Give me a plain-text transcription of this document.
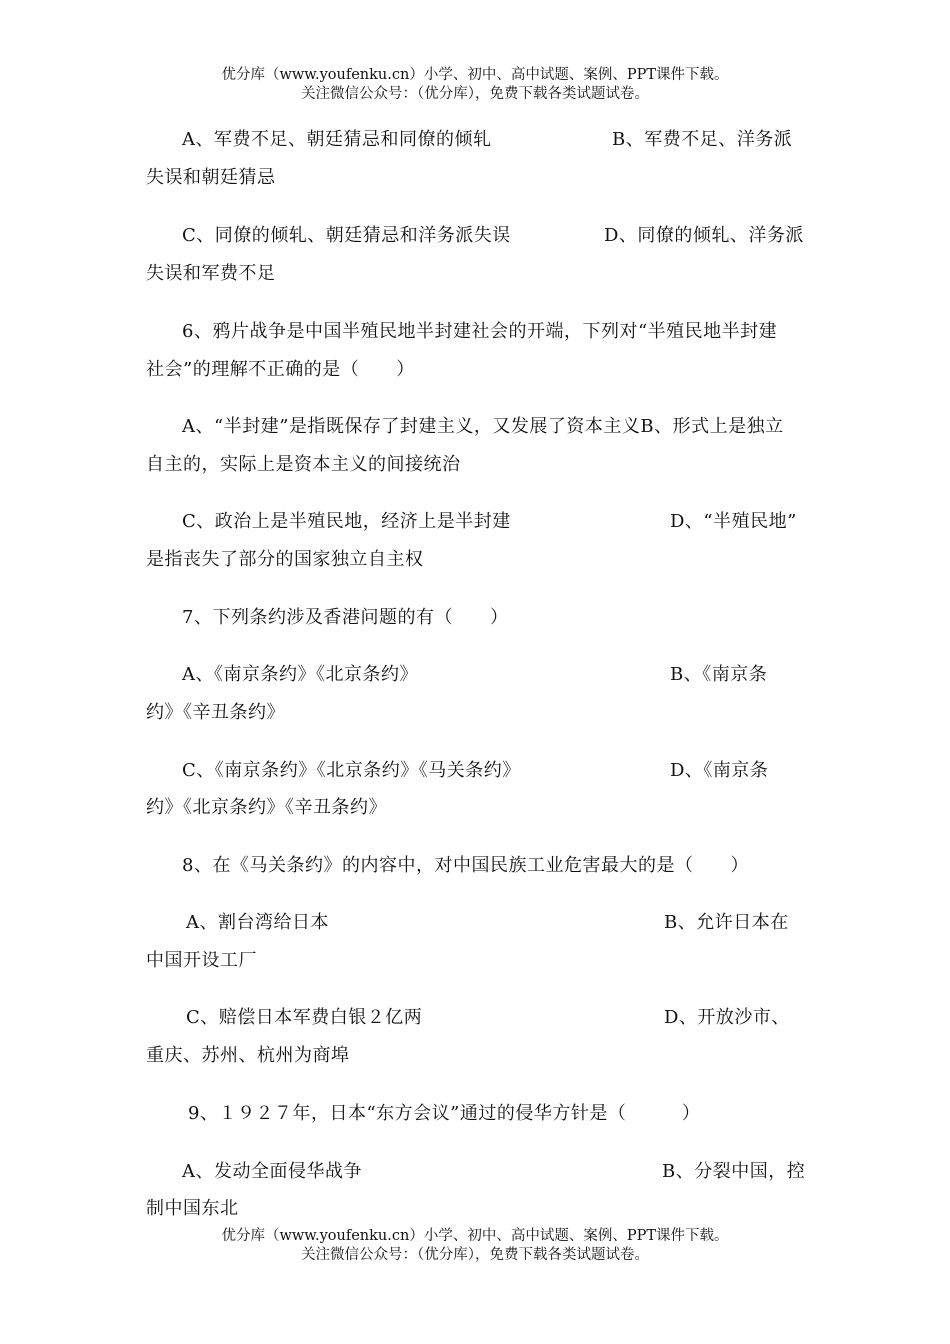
优分库（www.youfenku.cn）小学、初中、高中试题、案例、PPT课件下载。
关注微信公众号：（优分库），免费下载各类试题试卷。
A、军费不足、朝廷猜忌和同僚的倾轧	B、军费不足、洋务派
失误和朝廷猜忌
C、同僚的倾轧、朝廷猜忌和洋务派失误	D、同僚的倾轧、洋务派
失误和军费不足
6、鸦片战争是中国半殖民地半封建社会的开端，下列对“半殖民地半封建
社会”的理解不正确的是（　　）
A、“半封建”是指既保存了封建主义，又发展了资本主义B、形式上是独立
自主的，实际上是资本主义的间接统治
C、政治上是半殖民地，经济上是半封建	D、“半殖民地”
是指丧失了部分的国家独立自主权
7、下列条约涉及香港问题的有（　　）
A、《南京条约》《北京条约》	B、《南京条
约》《辛丑条约》
C、《南京条约》《北京条约》《马关条约》	D、《南京条
约》《北京条约》《辛丑条约》
8、在《马关条约》的内容中，对中国民族工业危害最大的是（　　）
A、割台湾给日本	B、允许日本在
中国开设工厂
C、赔偿日本军费白银２亿两	D、开放沙市、
重庆、苏州、杭州为商埠
9、１９２７年，日本“东方会议”通过的侵华方针是（　　　）
A、发动全面侵华战争	B、分裂中国，控
制中国东北
优分库（www.youfenku.cn）小学、初中、高中试题、案例、PPT课件下载。
关注微信公众号：（优分库），免费下载各类试题试卷。
